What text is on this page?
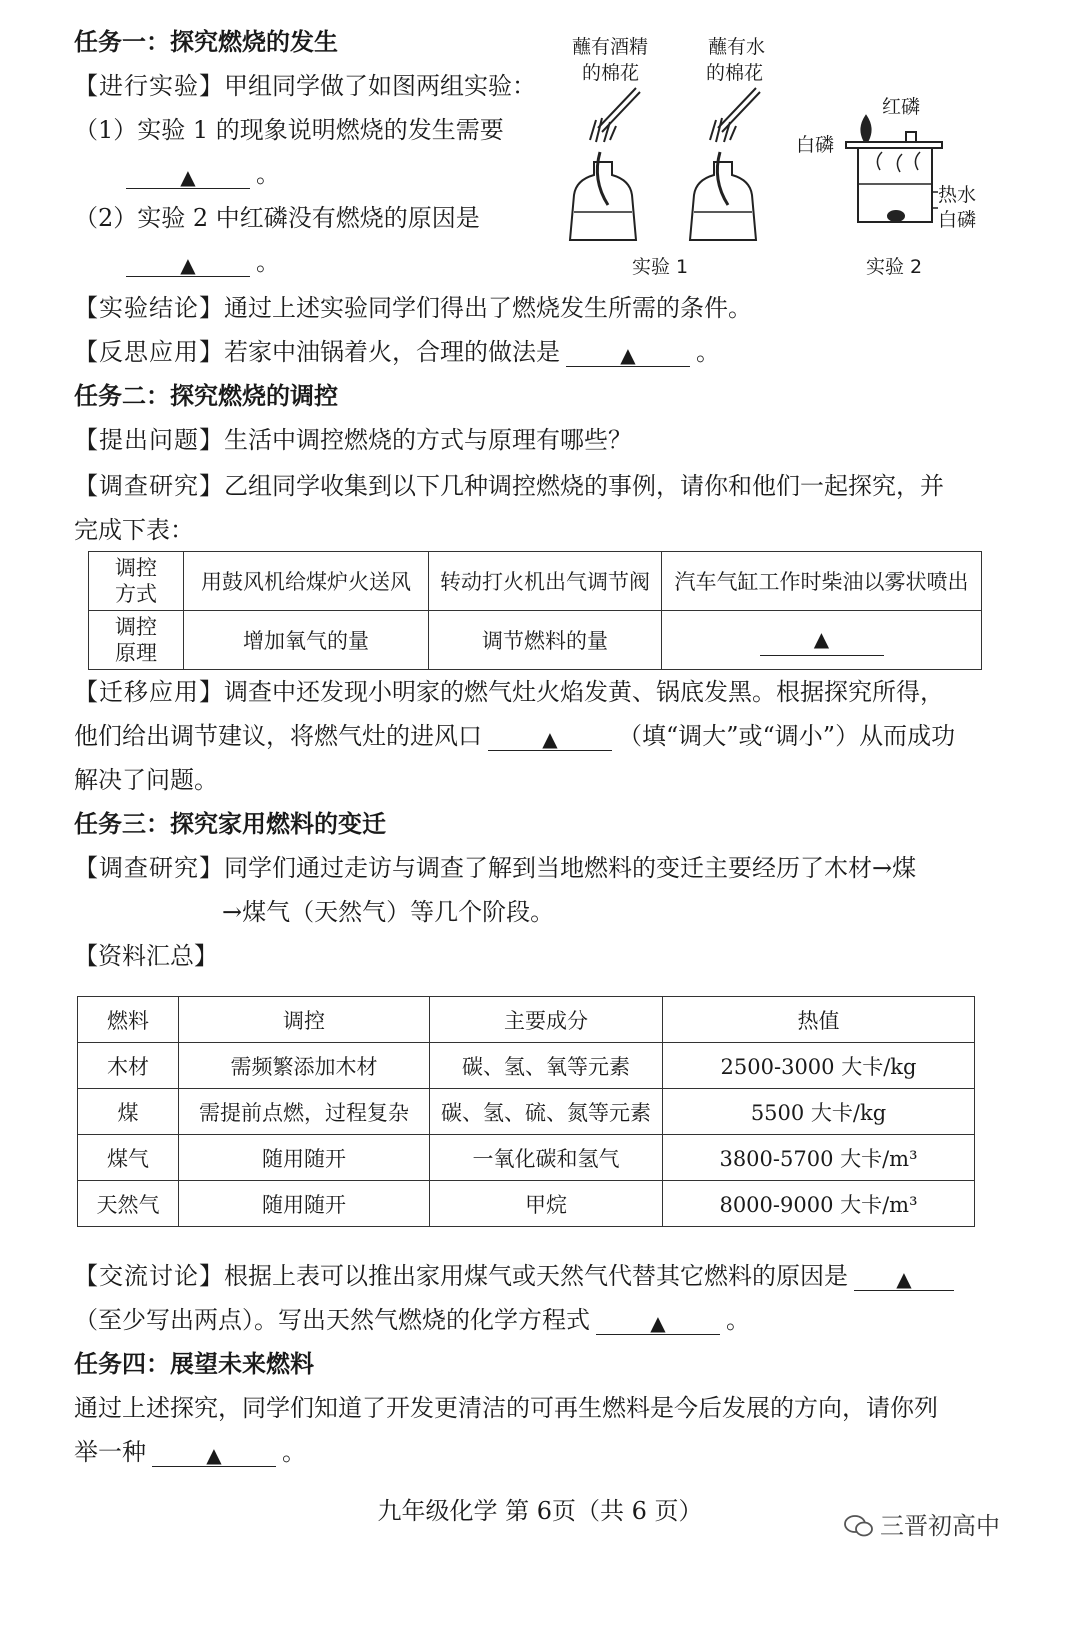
任务一：探究燃烧的发生
【进行实验】甲组同学做了如图两组实验：
（1）实验 1 的现象说明燃烧的发生需要
▲	。
（2）实验 2 中红磷没有燃烧的原因是
▲	。
【实验结论】通过上述实验同学们得出了燃烧发生所需的条件。
【反思应用】若家中油锅着火，合理的做法是	▲	。
蘸有酒精
的棉花
蘸有水
的棉花
红磷
白磷
热水
白磷
实验 1	实验 2
任务二：探究燃烧的调控
【提出问题】生活中调控燃烧的方式与原理有哪些？
【调查研究】乙组同学收集到以下几种调控燃烧的事例，请你和他们一起探究，并
完成下表：
调控
方式	用鼓风机给煤炉火送风	转动打火机出气调节阀	汽车气缸工作时柴油以雾状喷出
调控
原理	增加氧气的量	调节燃料的量	▲
【迁移应用】调查中还发现小明家的燃气灶火焰发黄、锅底发黑。根据探究所得，
他们给出调节建议，将燃气灶的进风口	▲	（填“调大”或“调小”）从而成功
解决了问题。
任务三：探究家用燃料的变迁
【调查研究】同学们通过走访与调查了解到当地燃料的变迁主要经历了木材→煤
→煤气（天然气）等几个阶段。
【资料汇总】
燃料	调控	主要成分	热值
木材	需频繁添加木材	碳、氢、氧等元素	2500-3000 大卡/kg
煤	需提前点燃，过程复杂	碳、氢、硫、氮等元素	5500 大卡/kg
煤气	随用随开	一氧化碳和氢气	3800-5700 大卡/m³
天然气	随用随开	甲烷	8000-9000 大卡/m³
【交流讨论】根据上表可以推出家用煤气或天然气代替其它燃料的原因是 ▲
（至少写出两点）。写出天然气燃烧的化学方程式	▲	。
任务四：展望未来燃料
通过上述探究，同学们知道了开发更清洁的可再生燃料是今后发展的方向，请你列
举一种	▲	。
九年级化学 第 6页（共 6 页）
三晋初高中
